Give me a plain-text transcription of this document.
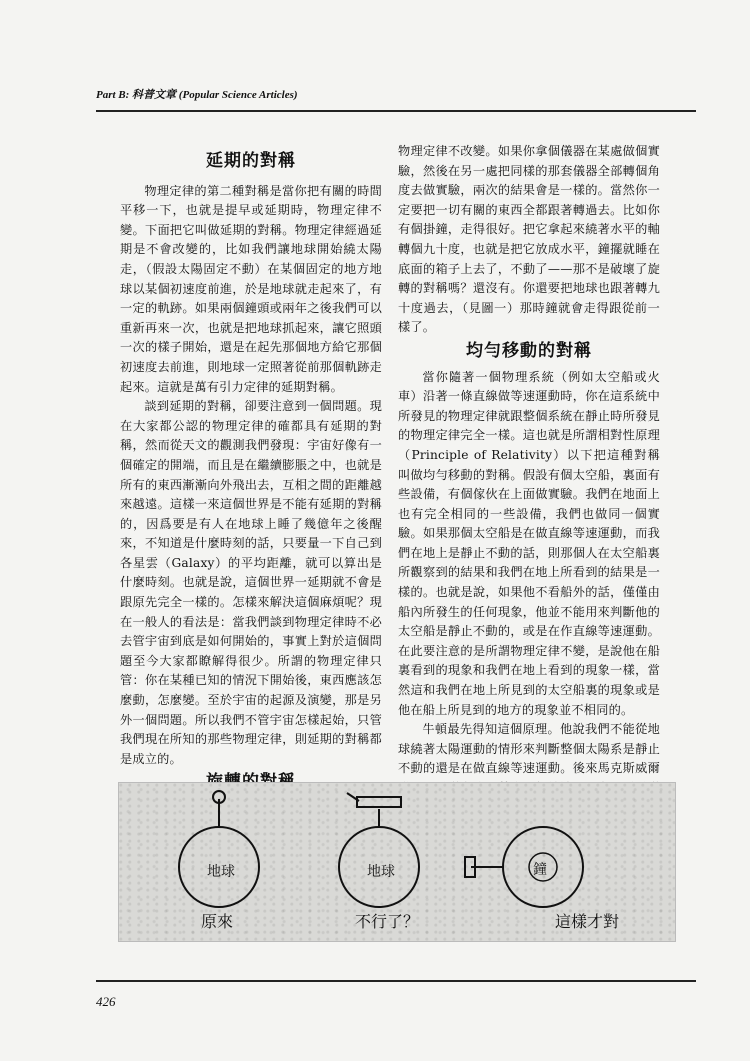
Part B: 科普文章 (Popular Science Articles)
延期的對稱

物理定律的第二種對稱是當你把有關的時間平移一下，也就是提早或延期時，物理定律不變。下面把它叫做延期的對稱。物理定律經過延期是不會改變的，比如我們讓地球開始繞太陽走，（假設太陽固定不動）在某個固定的地方地球以某個初速度前進，於是地球就走起來了，有一定的軌跡。如果兩個鐘頭或兩年之後我們可以重新再來一次，也就是把地球抓起來，讓它照頭一次的樣子開始，還是在起先那個地方給它那個初速度去前進，則地球一定照著從前那個軌跡走起來。這就是萬有引力定律的延期對稱。

談到延期的對稱，卻要注意到一個問題。現在大家都公認的物理定律的確都具有延期的對稱，然而從天文的觀測我們發現：宇宙好像有一個確定的開端，而且是在繼續膨脹之中，也就是所有的東西漸漸向外飛出去，互相之間的距離越來越遠。這樣一來這個世界是不能有延期的對稱的，因爲要是有人在地球上睡了幾億年之後醒來，不知道是什麼時刻的話，只要量一下自己到各星雲（Galaxy）的平均距離，就可以算出是什麼時刻。也就是說，這個世界一延期就不會是跟原先完全一樣的。怎樣來解決這個麻煩呢？現在一般人的看法是：當我們談到物理定律時不必去管宇宙到底是如何開始的，事實上對於這個問題至今大家都瞭解得很少。所謂的物理定律只管：你在某種已知的情況下開始後，東西應該怎麼動，怎麼變。至於宇宙的起源及演變，那是另外一個問題。所以我們不管宇宙怎樣起始，只管我們現在所知的那些物理定律，則延期的對稱都是成立的。

物理定律不改變。如果你拿個儀器在某處做個實驗，然後在另一處把同樣的那套儀器全部轉個角度去做實驗，兩次的結果會是一樣的。當然你一定要把一切有關的東西全都跟著轉過去。比如你有個掛鐘，走得很好。把它拿起來繞著水平的軸轉個九十度，也就是把它放成水平，鐘擺就睡在底面的箱子上去了，不動了——那不是破壞了旋轉的對稱嗎？還沒有。你還要把地球也跟著轉九十度過去，（見圖一）那時鐘就會走得跟從前一樣了。

均勻移動的對稱

當你隨著一個物理系統（例如太空船或火車）沿著一條直線做等速運動時，你在這系統中所發見的物理定律就跟整個系統在靜止時所發見的物理定律完全一樣。這也就是所謂相對性原理（Principle of Relativity）以下把這種對稱叫做均勻移動的對稱。假設有個太空船，裏面有些設備，有個傢伙在上面做實驗。我們在地面上也有完全相同的一些設備，我們也做同一個實驗。如果那個太空船是在做直線等速運動，而我們在地上是靜止不動的話，則那個人在太空船裏所觀察到的結果和我們在地上所看到的結果是一樣的。也就是說，如果他不看船外的話，僅僅由船內所發生的任何現象，他並不能用來判斷他的太空船是靜止不動的，或是在作直線等速運動。在此要注意的是所謂物理定律不變，是說他在船裏看到的現象和我們在地上看到的現象一樣，當然這和我們在地上所見到的太空船裏的現象或是他在船上所見到的地方的現象並不相同的。

牛頓最先得知這個原理。他說我們不能從地球繞著太陽運動的情形來判斷整個太陽系是靜止不動的還是在做直線等速運動。後來馬克斯威爾

地球	地球	鐘
原來	不行了？	這樣才對
426
